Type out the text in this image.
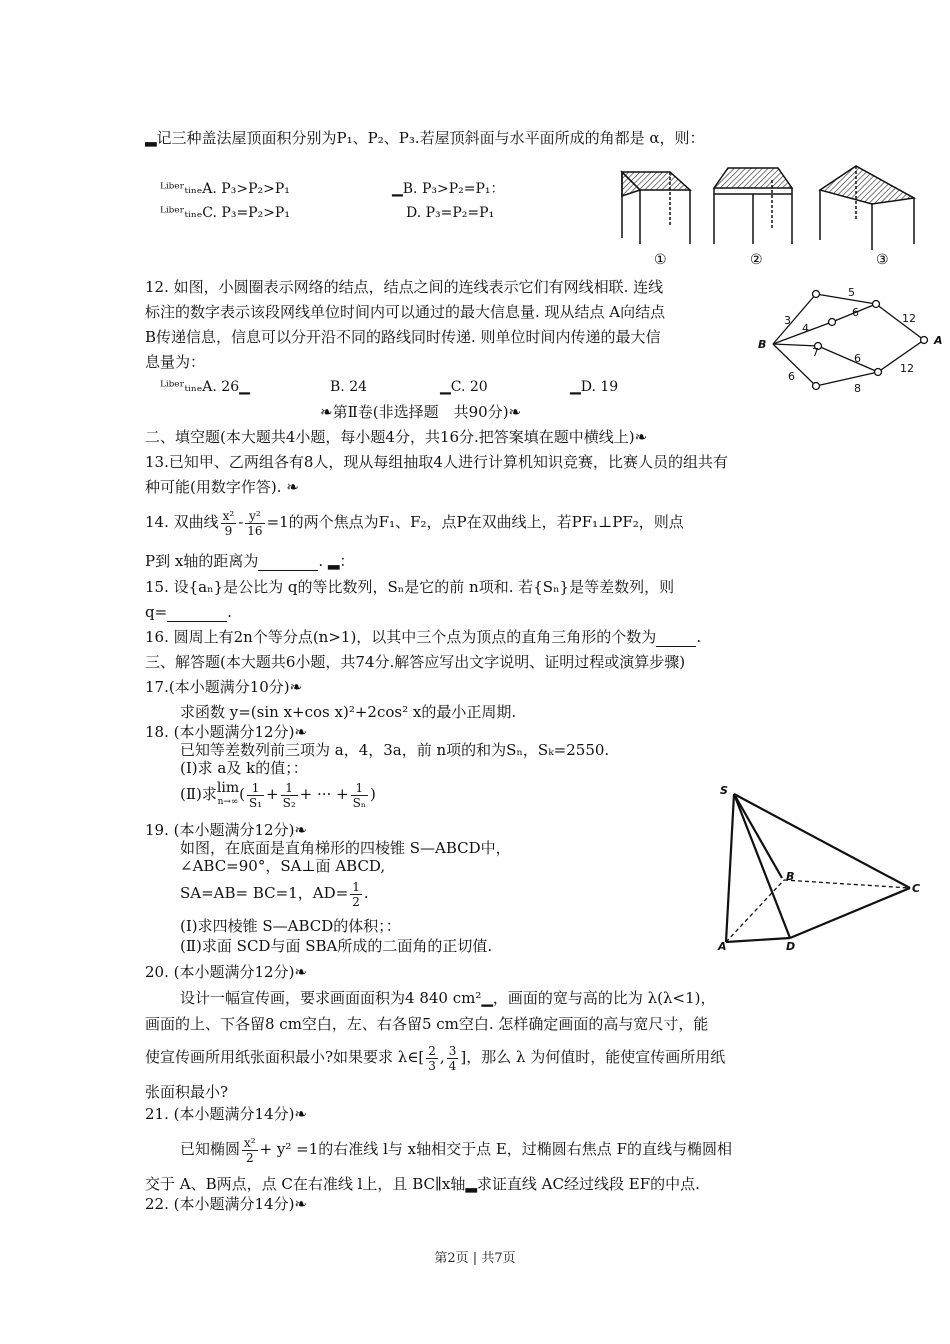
▂记三种盖法屋顶面积分别为P₁、P₂、P₃.若屋顶斜面与水平面所成的角都是 α，则：
ᴸⁱᵇᵉʳₜᵢₙₑA. P₃>P₂>P₁	▁B. P₃>P₂=P₁：
ᴸⁱᵇᵉʳₜᵢₙₑC. P₃=P₂>P₁	D. P₃=P₂=P₁
①	②	③
12. 如图，小圆圈表示网络的结点，结点之间的连线表示它们有网线相联. 连线
标注的数字表示该段网线单位时间内可以通过的最大信息量. 现从结点 A向结点
B传递信息，信息可以分开沿不同的路线同时传递. 则单位时间内传递的最大信
息量为：
ᴸⁱᵇᵉʳₜᵢₙₑA. 26▁	B. 24	▁C. 20	▁D. 19
B	A
3
4
5
6	12
7	6
12
6
8
❧第Ⅱ卷(非选择题　共90分)❧
二、填空题(本大题共4小题，每小题4分，共16分.把答案填在题中横线上)❧
13.已知甲、乙两组各有8人，现从每组抽取4人进行计算机知识竞赛，比赛人员的组共有
种可能(用数字作答). ❧
14. 双曲线 $\frac{\text{x²}}{9} - \frac{\text{y²}}{16} =1$的两个焦点为F₁、F₂，点P在双曲线上，若PF₁⊥PF₂，则点
P到 x轴的距离为	. ▂：
15. 设{aₙ}是公比为 q的等比数列，Sₙ是它的前 n项和. 若{Sₙ}是等差数列，则
q=	.
16. 圆周上有2n个等分点(n>1)，以其中三个点为顶点的直角三角形的个数为	.
三、解答题(本大题共6小题，共74分.解答应写出文字说明、证明过程或演算步骤)
17.(本小题满分10分)❧
求函数 y=(sin x+cos x)²+2cos² x的最小正周期.
18. (本小题满分12分)❧
已知等差数列前三项为 a，4，3a，前 n项的和为Sₙ，Sₖ=2550.
(Ⅰ)求 a及 k的值；：
(Ⅱ)求 lim
n→∞ ( $\frac{1}{\text{S₁}} + \frac{1}{\text{S₂}}$ + ··· + $\frac{1}{\text{Sₙ}}$ )
19. (本小题满分12分)❧
如图，在底面是直角梯形的四棱锥 S—ABCD中，
∠ABC=90°，SA⊥面 ABCD,
SA=AB= BC=1，$AD= \frac{1}{2}$ .
(Ⅰ)求四棱锥 S—ABCD的体积；：
(Ⅱ)求面 SCD与面 SBA所成的二面角的正切值.
S
B
C
A	D
20. (本小题满分12分)❧
设计一幅宣传画，要求画面面积为4 840 cm²▁，画面的宽与高的比为 λ(λ<1)，
画面的上、下各留8 cm空白，左、右各留5 cm空白. 怎样确定画面的高与宽尺寸，能
使宣传画所用纸张面积最小?如果要求 λ∈[ $\frac{2}{3}$ , $\frac{3}{4}$ ]，那么 λ 为何值时，能使宣传画所用纸
张面积最小?
21. (本小题满分14分)❧
已知椭圆 $\frac{\text{x²}}{2} + y^2 =1$的右准线 l与 x轴相交于点 E，过椭圆右焦点 F的直线与椭圆相
交于 A、B两点，点 C在右准线 l上，且 BC∥x轴▂求证直线 AC经过线段 EF的中点.
22. (本小题满分14分)❧
第2页 | 共7页
